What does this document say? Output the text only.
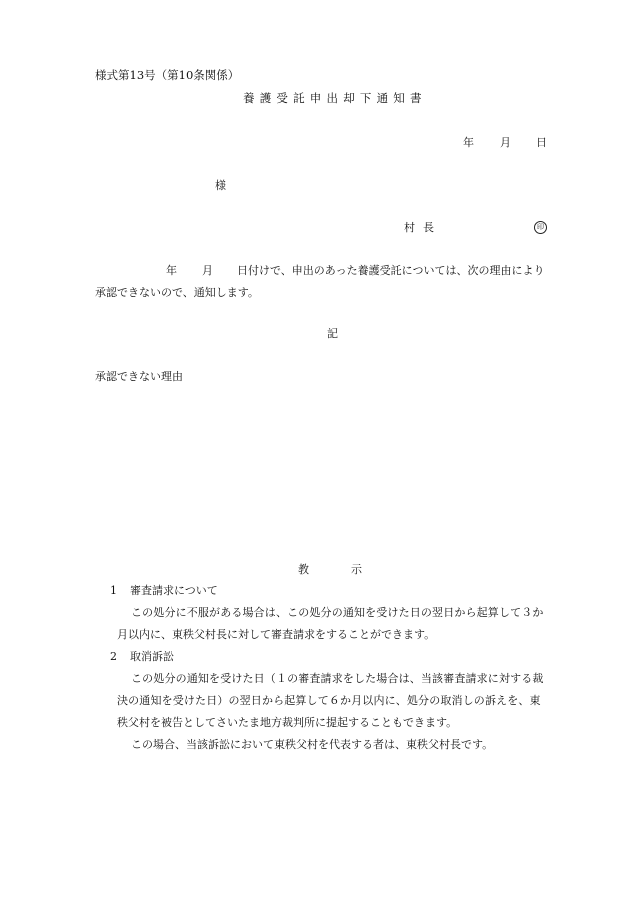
様式第13号（第10条関係）
養護受託申出却下通知書
年 月 日
様
村長	印
年 月 日付けで、申出のあった養護受託については、次の理由により
承認できないので、通知します。
記
承認できない理由
教示
1 審査請求について
この処分に不服がある場合は、この処分の通知を受けた日の翌日から起算して３か
月以内に、東秩父村長に対して審査請求をすることができます。
2 取消訴訟
この処分の通知を受けた日（１の審査請求をした場合は、当該審査請求に対する裁
決の通知を受けた日）の翌日から起算して６か月以内に、処分の取消しの訴えを、東
秩父村を被告としてさいたま地方裁判所に提起することもできます。
この場合、当該訴訟において東秩父村を代表する者は、東秩父村長です。
